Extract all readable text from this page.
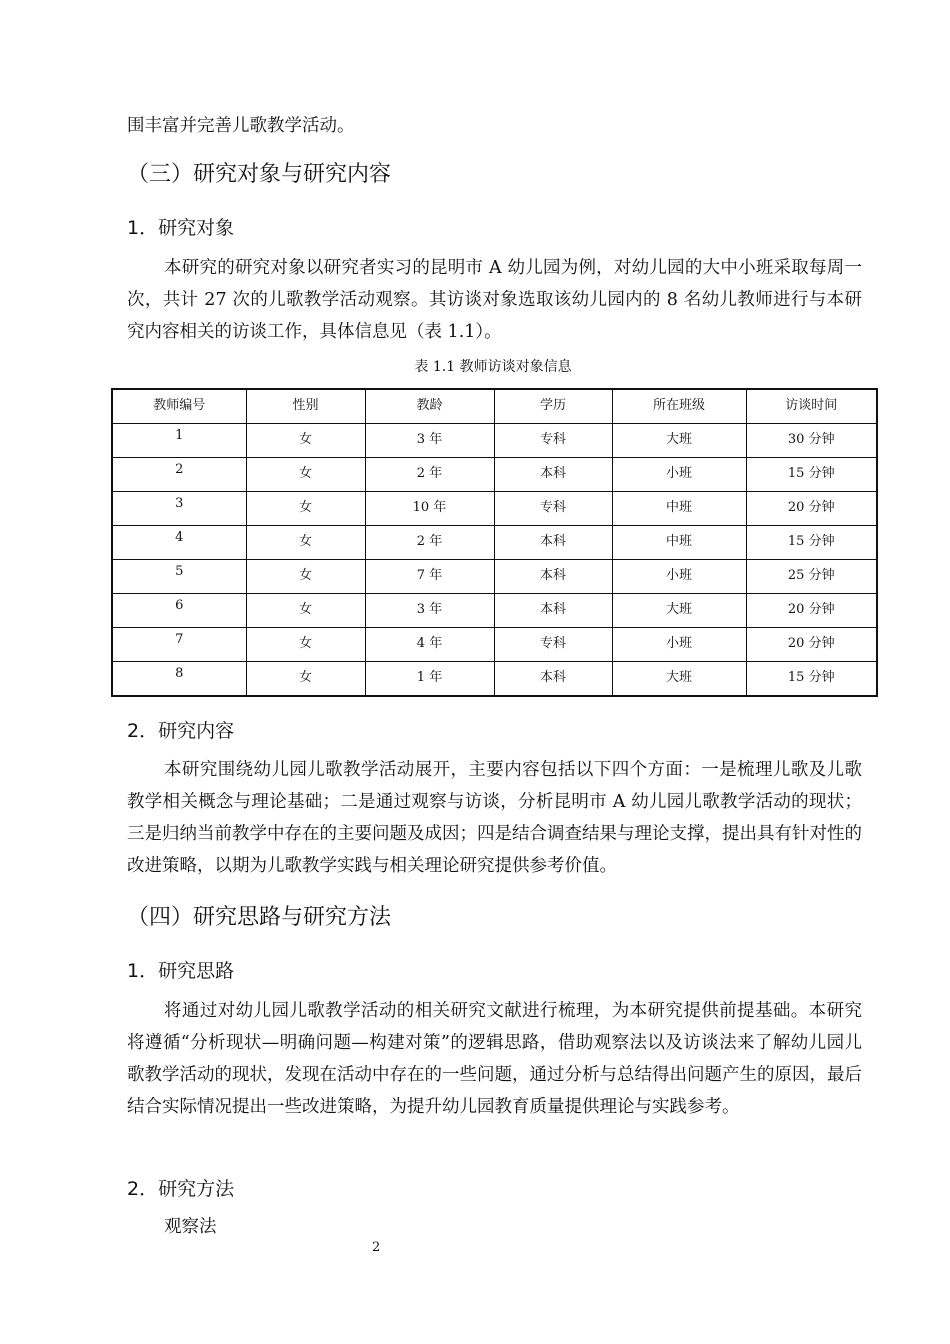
围丰富并完善儿歌教学活动。

（三）研究对象与研究内容
1．研究对象

本研究的研究对象以研究者实习的昆明市 A 幼儿园为例，对幼儿园的大中小班采取每周一次，共计 27 次的儿歌教学活动观察。其访谈对象选取该幼儿园内的 8 名幼儿教师进行与本研究内容相关的访谈工作，具体信息见（表 1.1）。

表 1.1 教师访谈对象信息

教师编号	性别	教龄	学历	所在班级	访谈时间
1	女	3 年	专科	大班	30 分钟
2	女	2 年	本科	小班	15 分钟
3	女	10 年	专科	中班	20 分钟
4	女	2 年	本科	中班	15 分钟
5	女	7 年	本科	小班	25 分钟
6	女	3 年	本科	大班	20 分钟
7	女	4 年	专科	小班	20 分钟
8	女	1 年	本科	大班	15 分钟
2．研究内容

本研究围绕幼儿园儿歌教学活动展开，主要内容包括以下四个方面：一是梳理儿歌及儿歌教学相关概念与理论基础；二是通过观察与访谈，分析昆明市 A 幼儿园儿歌教学活动的现状；三是归纳当前教学中存在的主要问题及成因；四是结合调查结果与理论支撑，提出具有针对性的改进策略，以期为儿歌教学实践与相关理论研究提供参考价值。

（四）研究思路与研究方法
1．研究思路

将通过对幼儿园儿歌教学活动的相关研究文献进行梳理，为本研究提供前提基础。本研究将遵循“分析现状—明确问题—构建对策”的逻辑思路，借助观察法以及访谈法来了解幼儿园儿歌教学活动的现状，发现在活动中存在的一些问题，通过分析与总结得出问题产生的原因，最后结合实际情况提出一些改进策略，为提升幼儿园教育质量提供理论与实践参考。

2．研究方法

观察法

2
